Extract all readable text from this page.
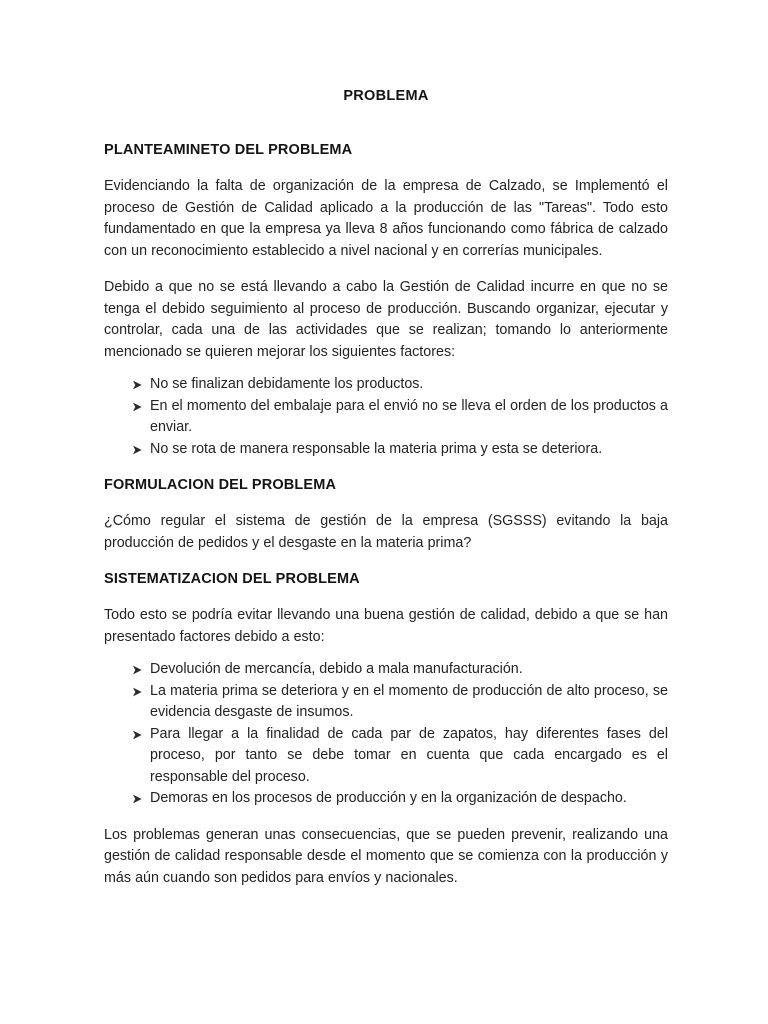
PROBLEMA
PLANTEAMINETO DEL PROBLEMA

Evidenciando la falta de organización de la empresa de Calzado, se Implementó el proceso de Gestión de Calidad aplicado a la producción de las "Tareas". Todo esto fundamentado en que la empresa ya lleva 8 años funcionando como fábrica de calzado con un reconocimiento establecido a nivel nacional y en correrías municipales.

Debido a que no se está llevando a cabo la Gestión de Calidad incurre en que no se tenga el debido seguimiento al proceso de producción. Buscando organizar, ejecutar y controlar, cada una de las actividades que se realizan; tomando lo anteriormente mencionado se quieren mejorar los siguientes factores:

No se finalizan debidamente los productos.
En el momento del embalaje para el envió no se lleva el orden de los productos a enviar.
No se rota de manera responsable la materia prima y esta se deteriora.
FORMULACION DEL PROBLEMA

¿Cómo regular el sistema de gestión de la empresa (SGSSS) evitando la baja producción de pedidos y el desgaste en la materia prima?

SISTEMATIZACION DEL PROBLEMA

Todo esto se podría evitar llevando una buena gestión de calidad, debido a que se han presentado factores debido a esto:

Devolución de mercancía, debido a mala manufacturación.
La materia prima se deteriora y en el momento de producción de alto proceso, se evidencia desgaste de insumos.
Para llegar a la finalidad de cada par de zapatos, hay diferentes fases del proceso, por tanto se debe tomar en cuenta que cada encargado es el responsable del proceso.
Demoras en los procesos de producción y en la organización de despacho.

Los problemas generan unas consecuencias, que se pueden prevenir, realizando una gestión de calidad responsable desde el momento que se comienza con la producción y más aún cuando son pedidos para envíos y nacionales.
